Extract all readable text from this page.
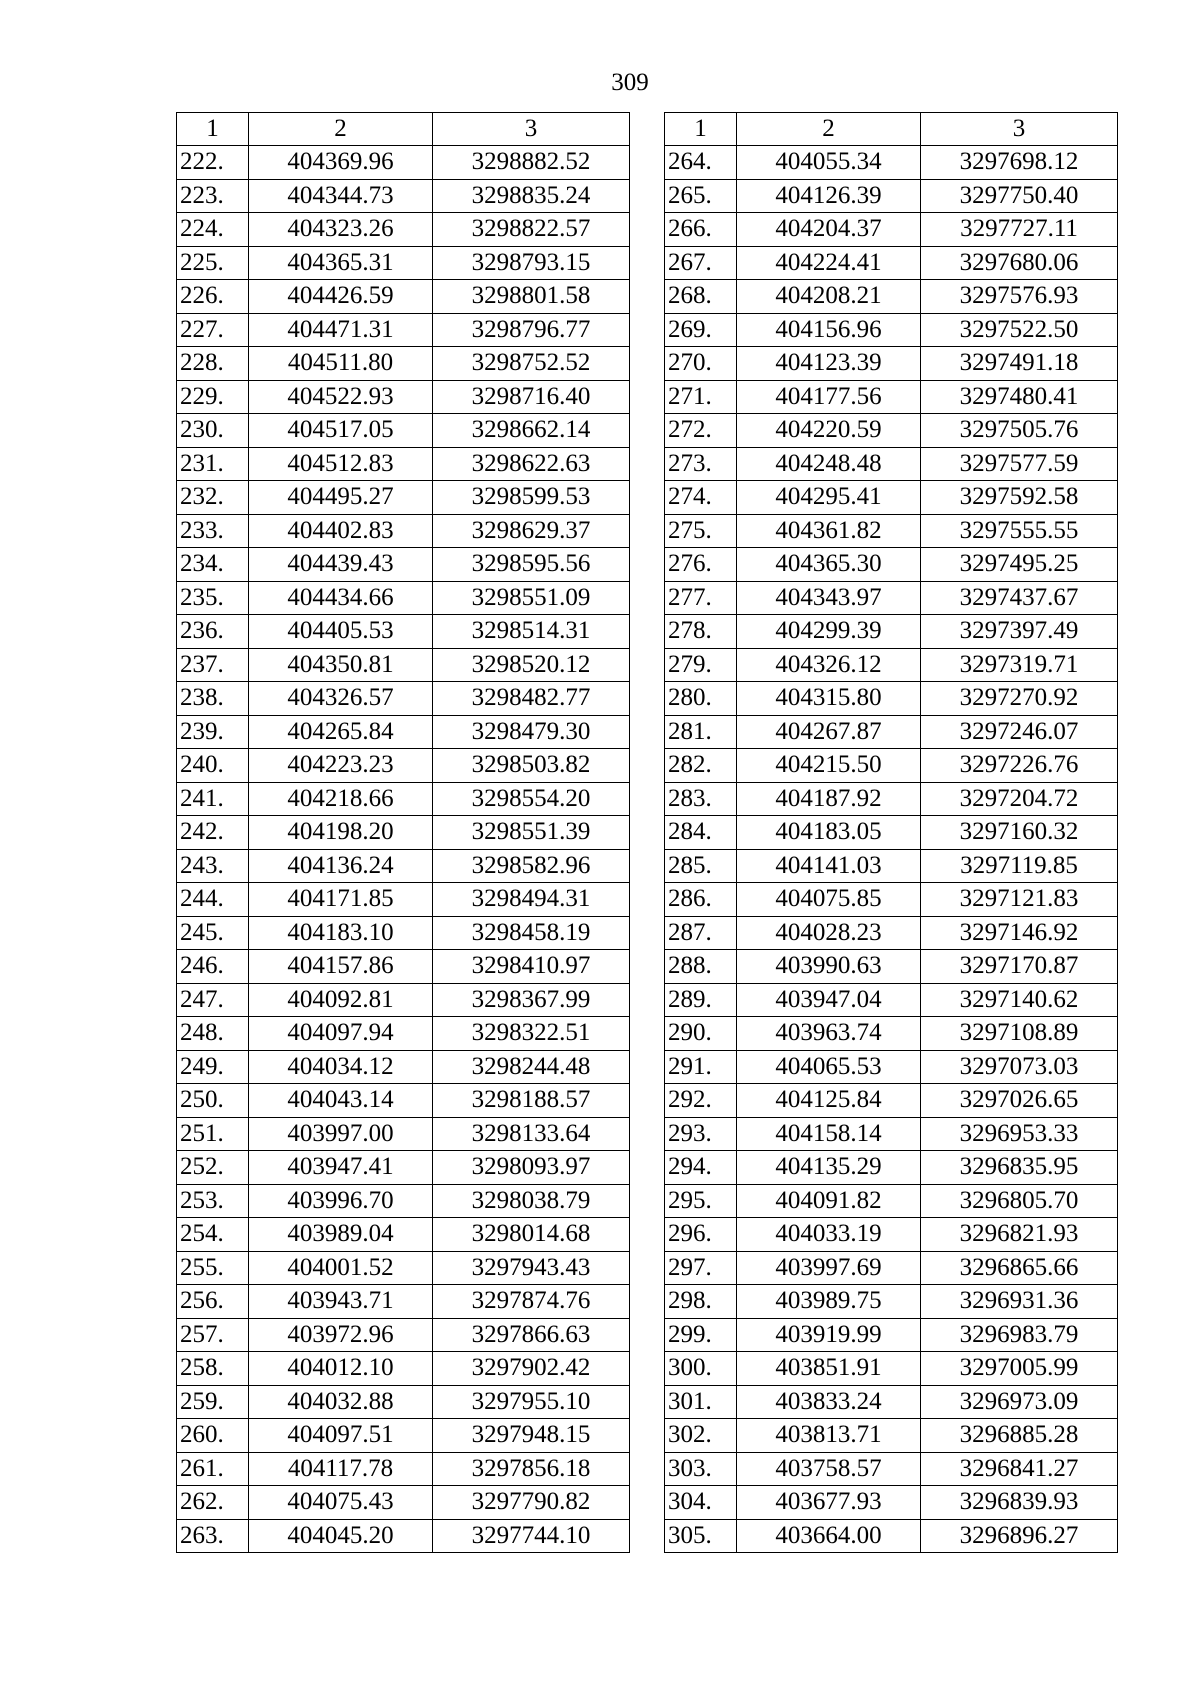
309
1	2	3
222.	404369.96	3298882.52
223.	404344.73	3298835.24
224.	404323.26	3298822.57
225.	404365.31	3298793.15
226.	404426.59	3298801.58
227.	404471.31	3298796.77
228.	404511.80	3298752.52
229.	404522.93	3298716.40
230.	404517.05	3298662.14
231.	404512.83	3298622.63
232.	404495.27	3298599.53
233.	404402.83	3298629.37
234.	404439.43	3298595.56
235.	404434.66	3298551.09
236.	404405.53	3298514.31
237.	404350.81	3298520.12
238.	404326.57	3298482.77
239.	404265.84	3298479.30
240.	404223.23	3298503.82
241.	404218.66	3298554.20
242.	404198.20	3298551.39
243.	404136.24	3298582.96
244.	404171.85	3298494.31
245.	404183.10	3298458.19
246.	404157.86	3298410.97
247.	404092.81	3298367.99
248.	404097.94	3298322.51
249.	404034.12	3298244.48
250.	404043.14	3298188.57
251.	403997.00	3298133.64
252.	403947.41	3298093.97
253.	403996.70	3298038.79
254.	403989.04	3298014.68
255.	404001.52	3297943.43
256.	403943.71	3297874.76
257.	403972.96	3297866.63
258.	404012.10	3297902.42
259.	404032.88	3297955.10
260.	404097.51	3297948.15
261.	404117.78	3297856.18
262.	404075.43	3297790.82
263.	404045.20	3297744.10
1	2	3
264.	404055.34	3297698.12
265.	404126.39	3297750.40
266.	404204.37	3297727.11
267.	404224.41	3297680.06
268.	404208.21	3297576.93
269.	404156.96	3297522.50
270.	404123.39	3297491.18
271.	404177.56	3297480.41
272.	404220.59	3297505.76
273.	404248.48	3297577.59
274.	404295.41	3297592.58
275.	404361.82	3297555.55
276.	404365.30	3297495.25
277.	404343.97	3297437.67
278.	404299.39	3297397.49
279.	404326.12	3297319.71
280.	404315.80	3297270.92
281.	404267.87	3297246.07
282.	404215.50	3297226.76
283.	404187.92	3297204.72
284.	404183.05	3297160.32
285.	404141.03	3297119.85
286.	404075.85	3297121.83
287.	404028.23	3297146.92
288.	403990.63	3297170.87
289.	403947.04	3297140.62
290.	403963.74	3297108.89
291.	404065.53	3297073.03
292.	404125.84	3297026.65
293.	404158.14	3296953.33
294.	404135.29	3296835.95
295.	404091.82	3296805.70
296.	404033.19	3296821.93
297.	403997.69	3296865.66
298.	403989.75	3296931.36
299.	403919.99	3296983.79
300.	403851.91	3297005.99
301.	403833.24	3296973.09
302.	403813.71	3296885.28
303.	403758.57	3296841.27
304.	403677.93	3296839.93
305.	403664.00	3296896.27
